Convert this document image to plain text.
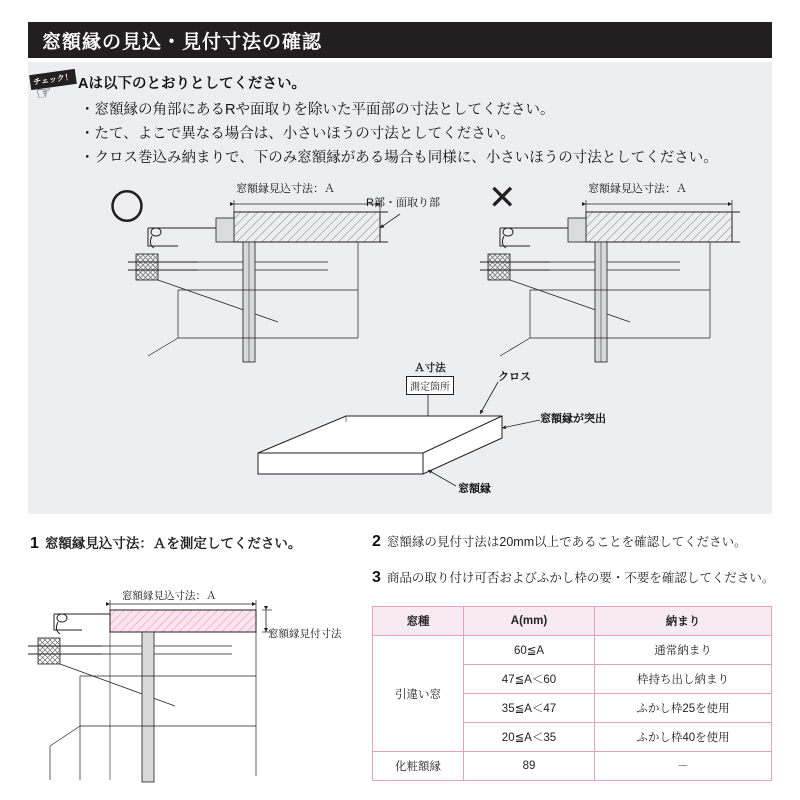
窓額縁の見込・見付寸法の確認
チェック！
☞ Aは以下のとおりとしてください。
・窓額縁の角部にあるRや面取りを除いた平面部の寸法としてください。
・たて、よこで異なる場合は、小さいほうの寸法としてください。
・クロス巻込み納まりで、下のみ窓額縁がある場合も同様に、小さいほうの寸法としてください。
〇	✕
窓額縁見込寸法：Ａ
R部・面取り部
窓額縁見込寸法：Ａ
Ａ寸法
測定箇所
クロス
窓額縁が突出
窓額縁
1 窓額縁見込寸法：Ａを測定してください。
窓額縁見込寸法：Ａ
窓額縁見付寸法
2 窓額縁の見付寸法は20mm以上であることを確認してください。
3 商品の取り付け可否およびふかし枠の要・不要を確認してください。
窓種	A(mm)	納まり
引違い窓	60≦A	通常納まり
	47≦A＜60	枠持ち出し納まり
	35≦A＜47	ふかし枠25を使用
	20≦A＜35	ふかし枠40を使用
化粧額縁	89	－
